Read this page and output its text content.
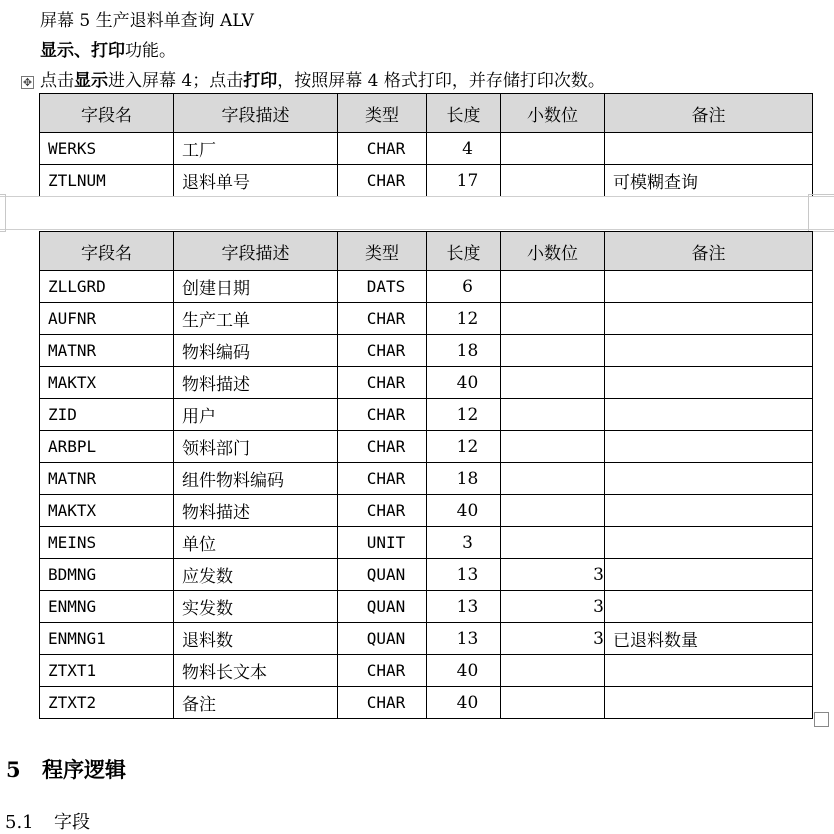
屏幕 5 生产退料单查询 ALV
显示、打印功能。
✥ 点击显示进入屏幕 4；点击打印，按照屏幕 4 格式打印，并存储打印次数。
字段名	字段描述	类型	长度	小数位	备注
WERKS	工厂	CHAR	4		
ZTLNUM	退料单号	CHAR	17		可模糊查询
字段名	字段描述	类型	长度	小数位	备注
ZLLGRD	创建日期	DATS	6		
AUFNR	生产工单	CHAR	12		
MATNR	物料编码	CHAR	18		
MAKTX	物料描述	CHAR	40		
ZID	用户	CHAR	12		
ARBPL	领料部门	CHAR	12		
MATNR	组件物料编码	CHAR	18		
MAKTX	物料描述	CHAR	40		
MEINS	单位	UNIT	3		
BDMNG	应发数	QUAN	13	3	
ENMNG	实发数	QUAN	13	3	
ENMNG1	退料数	QUAN	13	3	已退料数量
ZTXT1	物料长文本	CHAR	40		
ZTXT2	备注	CHAR	40		
5 程序逻辑
5.1 字段
